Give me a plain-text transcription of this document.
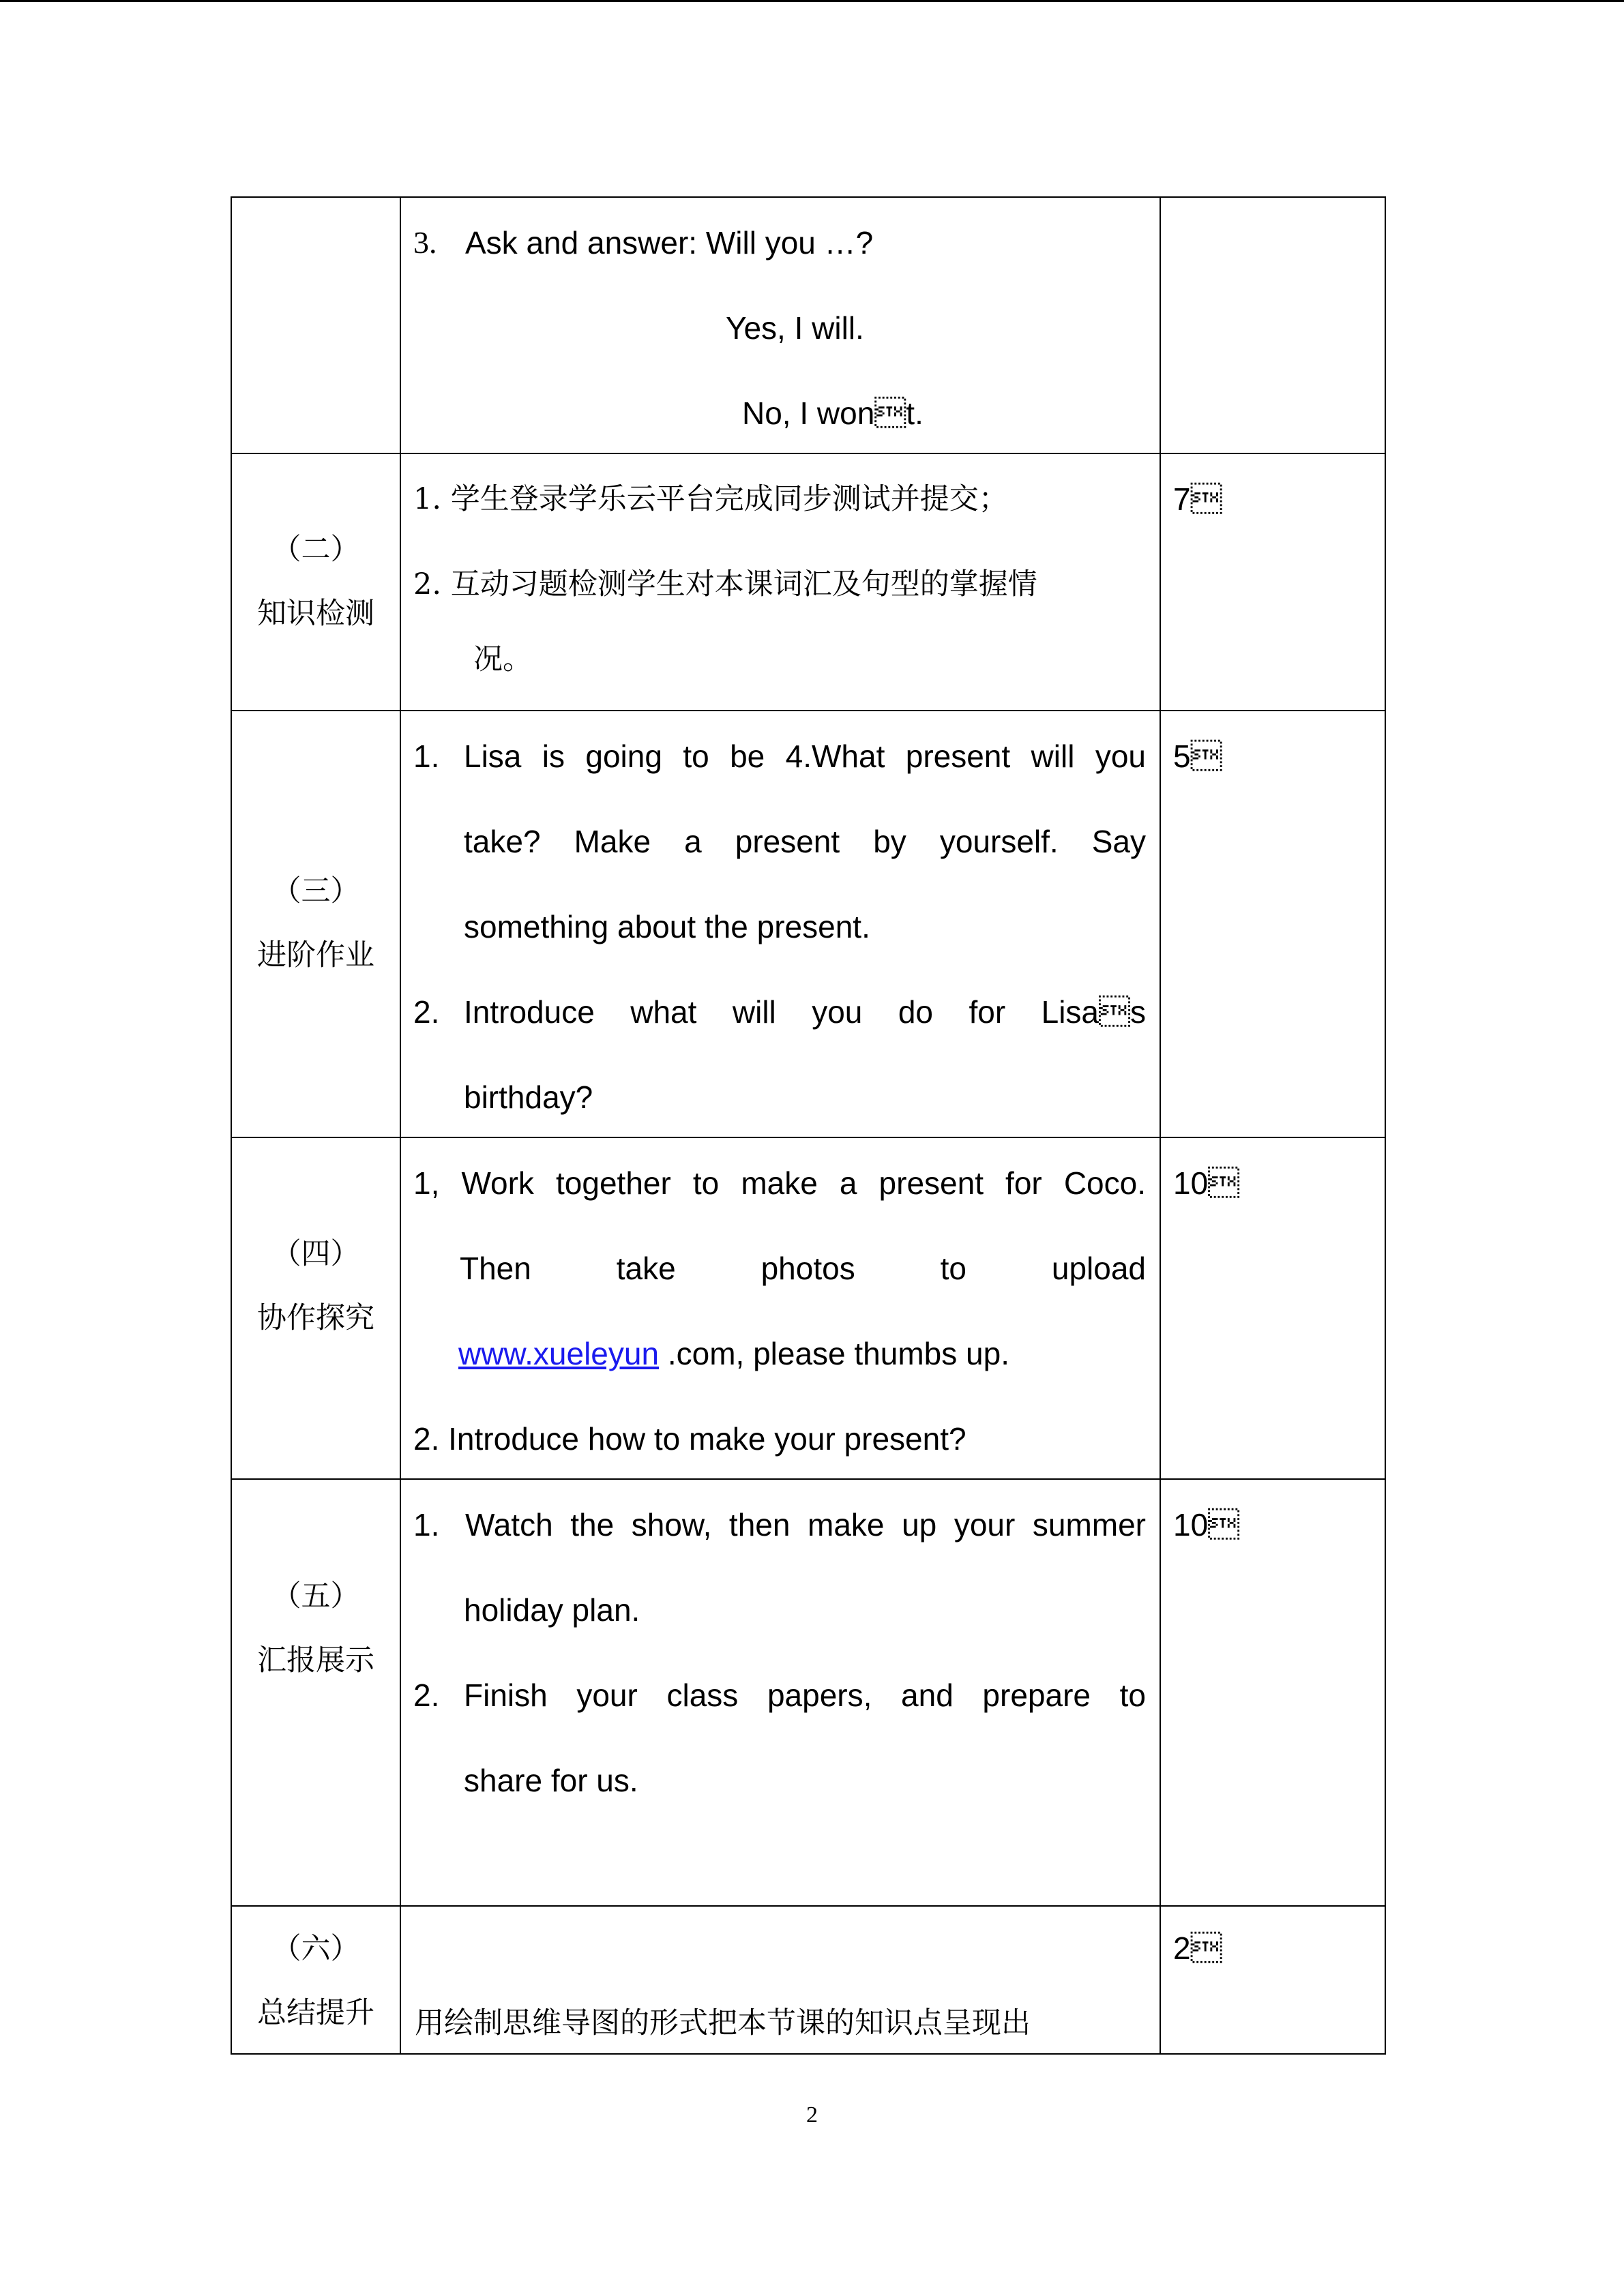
3. Ask and answer: Will you …?
Yes, I will.
No, I wont.
（二）
知识检测
1. 学生登录学乐云平台完成同步测试并提交；
2. 互动习题检测学生对本课词汇及句型的掌握情
况。
7
（三）
进阶作业
1. Lisa is going to be 4.What present will you
take? Make a present by yourself. Say
something about the present.
2. Introduce what will you do for Lisas
birthday?
5
（四）
协作探究
1, Work together to make a present for Coco.
Then take photos to upload
www.xueleyun .com, please thumbs up.
2. Introduce how to make your present?
10
（五）
汇报展示
1. Watch the show, then make up your summer
holiday plan.
2. Finish your class papers, and prepare to
share for us.
10
（六）
总结提升	用绘制思维导图的形式把本节课的知识点呈现出
2
2
